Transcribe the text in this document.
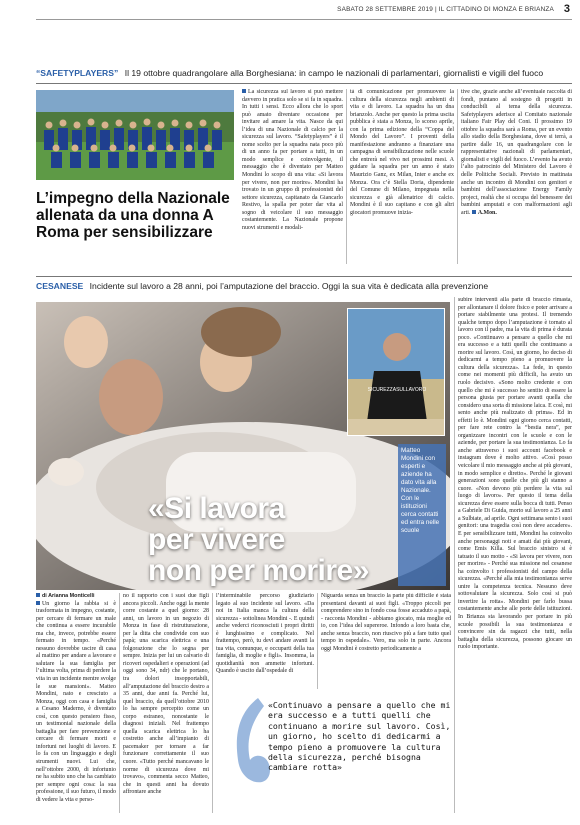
SABATO 28 SETTEMBRE 2019 | IL CITTADINO DI MONZA E BRIANZA 3
“SAFETYPLAYERS” Il 19 ottobre quadrangolare alla Borghesiana: in campo le nazionali di parlamentari, giornalisti e vigili del fuoco
L’impegno della Nazionale allenata da una donna A Roma per sensibilizzare
La sicurezza sul lavoro si può mettere davvero in pratica solo se si fa in squadra. In tutti i sensi. Ecco allora che lo sport può amato diventare occasione per invitare ad amare la vita. Nasce da qui l’idea di una Nazionale di calcio per la sicurezza sul lavoro. “Safetyplayers” è il nome scelto per la squadra nata poco più di un anno fa per portare a tutti, in un modo semplice e coinvolgente, il messaggio che è diventato per Matteo Mondini lo scopo di una vita: «Si lavora per vivere, non per morire». Mondini ha trovato in un gruppo di professionisti del settore sicurezza, capitanato da Giancarlo Restivo, la spalla per poter dar vita al sogno di veicolare il suo messaggio costantemente. La Nazionale propone nuovi strumenti e modali-
tà di comunicazione per promuovere la cultura della sicurezza negli ambienti di vita e di lavoro. La squadra ha un dna brianzolo. Anche per questo la prima uscita pubblica è stata a Monza, lo scorso aprile, con la prima edizione della “Coppa del Mondo del Lavoro”. I proventi della manifestazione andranno a finanziare una campagna di sensibilizzazione nelle scuole che entrerà nel vivo nei prossimi mesi. A guidare la squadra per un anno è stato Maurizio Ganz, ex Milan, Inter e anche ex Monza. Ora c’è Stella Doria, dipendente del Comune di Milano, impegnata nella sicurezza e già allenatrice di calcio. Mondini è il suo capitano e con gli altri giocatori promuove inizia-
tive che, grazie anche all’eventuale raccolta di fondi, puntano al sostegno di progetti in conducibili al tema della sicurezza. Safetyplayers aderisce al Comitato nazionale italiano Fair Play del Coni. Il prossimo 19 ottobre la squadra sarà a Roma, per un evento allo stadio della Borghesiana, dove si terrà, a partire dalle 16, un quadrangolare con le rappresentative nazionali di parlamentari, giornalisti e vigili del fuoco. L’evento ha avuto l’alto patrocinio del Ministero del Lavoro è delle Politiche Sociali. Previsto in mattinata anche un incontro di Mondini con genitori e bambini dell’associazione Energy Family project, realtà che si occupa del benessere dei bambini amputati e con malformazioni agli arti. A.Mon.
CESANESE Incidente sul lavoro a 28 anni, poi l’amputazione del braccio. Oggi la sua vita è dedicata alla prevenzione
SICUREZZASULLAVORO
Matteo Mondini con esperti e aziende ha dato vita alla Nazionale. Con le istituzioni cerca contatti ed entra nelle scuole
«Si lavora
per vivere
non per morire»
di Arianna Monticelli
Un giorno la rabbia si è trasformata in impegno, costante, per cercare di fermare un male che continua a essere incurabile ma che, invece, potrebbe essere fermato in tempo. «Perché nessuno dovrebbe uscire di casa al mattino per andare a lavorare e salutare la sua famiglia per l’ultima volta, prima di perdere la vita in un incidente mentre svolge le sue mansioni». Matteo Mondini, nato e cresciuto a Monza, oggi con casa e famiglia a Cesano Maderno, è diventato così, con questo pensiero fisso, un testimonial nazionale della battaglia per fare prevenzione e cercare di fermare morti e infortuni nei luoghi di lavoro. E lo fa con un linguaggio e degli strumenti nuovi. Lui che, nell’ottobre 2000, di infortunio ne ha subito uno che ha cambiato per sempre ogni cosa: la sua professione, il suo futuro, il modo di vedere la vita e perso-
no il rapporto con i suoi due figli ancora piccoli. Anche oggi la mente corre costante a quel giorno: 28 anni, un lavoro in un negozio di Monza in fase di ristrutturazione, per la ditta che condivide con suo papà; una scarica elettrica e una folgorazione che lo segna per sempre. Inizia per lui un calvario di ricoveri ospedalieri e operazioni (ad oggi sono 34, ndr) che le portano, tra dolori insopportabili, all’amputazione del braccio destro a 35 anni, due anni fa. Perché lui, quel braccio, da quell’ottobre 2010 lo ha sempre percepito come un corpo estraneo, nonostante le diagnosi iniziali. Nel frattempo quella scarica elettrica lo ha costretto anche all’impianto di pacemaker per tornare a far funzionare correttamente il suo cuore. «Tutto perché mancavano le norme di sicurezza dove mi trovavo», commenta secco Matteo, che in questi anni ha dovuto affrontare anche
l’interminabile percorso giudiziario legato al suo incidente sul lavoro. «Da noi in Italia manca la cultura della sicurezza - sottolinea Mondini -. E quindi anche vederci riconosciuti i propri diritti è lunghissimo e complicato. Nel frattempo, però, tu devi andare avanti la tua vita, comunque, e occuparti della tua famiglia, di moglie e figli». Insomma, la quotidianità non ammette infortuni. Quando è uscito dall’ospedale di
Niguarda senza un braccio la parte più difficile è stata presentarsi davanti ai suoi figli. «Troppo piccoli per comprendere sino in fondo cosa fosse accaduto a papà, - racconta Mondini - abbiamo giocato, mia moglie ed io, con l’idea del supereroe. Infondo a loro basta che, anche senza braccio, non riuscivo più a fare tutto quel tempo in ospedale». Vero, ma solo in parte. Ancora oggi Mondini è costretto periodicamente a
subire interventi alla parte di braccio rimasta, per allontanare il dolore fisico e poter arrivare a portare stabilmente una protesi. Il tremendo qualche tempo dopo l’amputazione è tornato al lavoro con il padre, ma la vita di prima è durata poco. «Continuavo a pensare a quello che mi era successo e a tutti quelli che continuano a morire sul lavoro. Così, un giorno, ho deciso di dedicarmi a tempo pieno a promuovere la cultura della sicurezza». La fede, in questo come nei momenti più difficili, ha avuto un ruolo decisivo. «Sono molto credente e con quello che mi è successo ho sentito di essere la persona giusta per portare avanti quella che considero una sorta di missione laica. E così, mi sento anche più realizzato di prima». Ed in effetti lo è. Mondini ogni giorno cerca contatti, per fare rete contro la “bestia nera”, per organizzare incontri con le scuole e con le aziende, per portare la sua testimonianza. Lo fa anche attraverso i suoi account facebook e instagram dove è molto attivo. «Così posso veicolare il mio messaggio anche ai più giovani, in modo semplice e diretto». Perché le giovani generazioni sono quelle che più gli stanno a cuore. «Non devono più perdere la vita sul luogo di lavoro». Per questo il tema della sicurezza deve essere sulla bocca di tutti. Penso a Gabriele Di Guida, morto sul lavoro a 25 anni a Sulbiate, ad aprile. Ogni settimana sento i suoi genitori: una tragedia così non deve accadere». E per sensibilizzare tutti, Mondini ha coinvolto anche personaggi noti e amati dai più giovani, come Emis Killa. Sul braccio sinistro si è tatuato il suo motto - «Si lavora per vivere, non per morire» - Perché sua missione nel cesanese ha coinvolto i professionisti del campo della sicurezza. «Perché alla mia testimonianza serve unire la competenza tecnica. Nessuno deve sottovalutare la sicurezza. Solo così si può invertire la rotta». Mondini per farlo bussa costantemente anche alle porte delle istituzioni. In Brianza sta lavorando per portare in più scuole possibili la sua testimonianza e convincere sin da ragazzi che tutti, nella battaglia della sicurezza, possono giocare un ruolo importante.
«Continuavo a pensare a quello che mi era successo e a tutti quelli che continuano a morire sul lavoro. Così, un giorno, ho scelto di dedicarmi a tempo pieno a promuovere la cultura della sicurezza, perché bisogna cambiare rotta»
